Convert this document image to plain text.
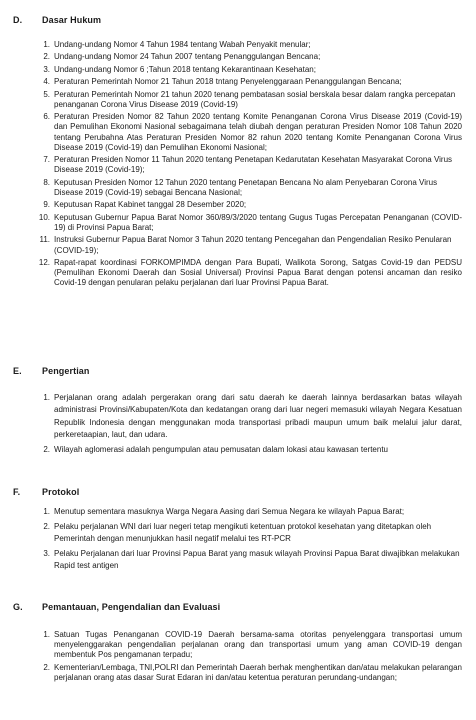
D. Dasar Hukum
1. Undang-undang Nomor 4 Tahun 1984 tentang Wabah Penyakit menular;
2. Undang-undang Nomor 24 Tahun 2007 tentang Penanggulangan Bencana;
3. Undang-undang Nomor 6 ;Tahun 2018 tentang Kekarantinaan Kesehatan;
4. Peraturan Pemerintah Nomor 21 Tahun 2018 tntang Penyelenggaraan Penanggulangan Bencana;
5. Peraturan Pemerintah Nomor 21 tahun 2020 tenang pembatasan sosial berskala besar dalam rangka percepatan penanganan Corona Virus Disease 2019 (Covid-19)
6. Peraturan Presiden Nomor 82 Tahun 2020 tentang Komite Penanganan Corona Virus Disease 2019 (Covid-19) dan Pemulihan Ekonomi Nasional sebagaimana telah diubah dengan peraturan Presiden Nomor 108 Tahun 2020 tentang Perubahna Atas Peraturan Presiden Nomor 82 rahun 2020 tentang Komite Penanganan Corona Virus Disease 2019 (Covid-19) dan Pemulihan Ekonomi Nasional;
7. Peraturan Presiden Nomor 11 Tahun 2020 tentang Penetapan Kedarutatan Kesehatan Masyarakat Corona Virus Disease 2019 (Covid-19);
8. Keputusan Presiden Nomor 12 Tahun 2020 tentang Penetapan Bencana No alam Penyebaran Corona Virus Disease 2019 (Covid-19) sebagai Bencana Nasional;
9. Keputusan Rapat Kabinet tanggal 28 Desember 2020;
10. Keputusan Gubernur Papua Barat Nomor 360/89/3/2020 tentang Gugus Tugas Percepatan Penanganan (COVID-19) di Provinsi Papua Barat;
11. Instruksi Gubernur Papua Barat Nomor 3 Tahun 2020 tentang Pencegahan dan Pengendalian Resiko Penularan (COVID-19);
12. Rapat-rapat koordinasi FORKOMPIMDA dengan Para Bupati, Walikota Sorong, Satgas Covid-19 dan PEDSU (Pemulihan Ekonomi Daerah dan Sosial Universal) Provinsi Papua Barat dengan potensi ancaman dan resiko Covid-19 dengan penularan pelaku perjalanan dari luar Provinsi Papua Barat.
E. Pengertian
1. Perjalanan orang adalah pergerakan orang dari satu daerah ke daerah lainnya berdasarkan batas wilayah administrasi Provinsi/Kabupaten/Kota dan kedatangan orang dari luar negeri memasuki wilayah Negara Kesatuan Republik Indonesia dengan menggunakan moda transportasi pribadi maupun umum baik melalui jalur darat, perkeretaapian, laut, dan udara.
2. Wilayah aglomerasi adalah pengumpulan atau pemusatan dalam lokasi atau kawasan tertentu
F. Protokol
1. Menutup sementara masuknya Warga Negara Aasing dari Semua Negara ke wilayah Papua Barat;
2. Pelaku perjalanan WNI dari luar negeri tetap mengikuti ketentuan protokol kesehatan yang ditetapkan oleh Pemerintah dengan menunjukkan hasil negatif melalui tes RT-PCR
3. Pelaku Perjalanan dari luar Provinsi Papua Barat yang masuk wilayah Provinsi Papua Barat diwajibkan melakukan Rapid test antigen
G. Pemantauan, Pengendalian dan Evaluasi
1. Satuan Tugas Penanganan COVID-19 Daerah bersama-sama otoritas penyelenggara transportasi umum menyelenggarakan pengendalian perjalanan orang dan transportasi umum yang aman COVID-19 dengan membentuk Pos pengamanan terpadu;
2. Kementerian/Lembaga, TNI,POLRI dan Pemerintah Daerah berhak menghentikan dan/atau melakukan pelarangan perjalanan orang atas dasar Surat Edaran ini dan/atau ketentua peraturan perundang-undangan;
